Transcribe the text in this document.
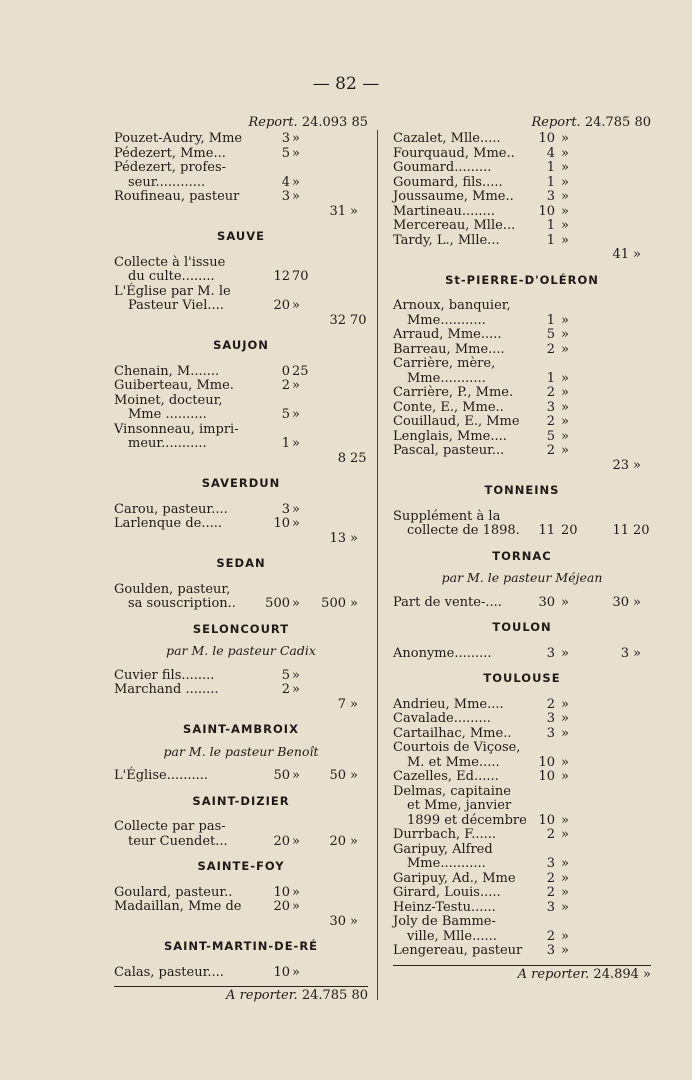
— 82 —
Report. 24.093 85
Pouzet-Audry, Mme	3 »
Pédezert, Mme...	5 »
Pédezert, profes-
seur............	4 »
Roufineau, pasteur	3 »
31 »
SAUVE
Collecte à l'issue
du culte........	12 70
L'Église par M. le
Pasteur Viel....	20 »
32 70
SAUJON
Chenain, M.......	0 25
Guiberteau, Mme.	2 »
Moinet, docteur,
Mme ..........	5 »
Vinsonneau, impri-
meur...........	1 »
8 25
SAVERDUN
Carou, pasteur....	3 »
Larlenque de.....	10 »
13 »
SEDAN
Goulden, pasteur,
sa souscription..	500 »	500 »
SELONCOURT
par M. le pasteur Cadix
Cuvier fils........	5 »
Marchand ........	2 »
7 »
SAINT-AMBROIX
par M. le pasteur Benoît
L'Église..........	50 »	50 »
SAINT-DIZIER
Collecte par pas-
teur Cuendet...	20 »	20 »
SAINTE-FOY
Goulard, pasteur..	10 »
Madaillan, Mme de	20 »
30 »
SAINT-MARTIN-DE-RÉ
Calas, pasteur....	10 »
A reporter. 24.785 80
Report. 24.785 80
Cazalet, Mlle.....	10 »
Fourquaud, Mme..	4 »
Goumard.........	1 »
Goumard, fils.....	1 »
Joussaume, Mme..	3 »
Martineau........	10 »
Mercereau, Mlle...	1 »
Tardy, L., Mlle...	1 »
41 »
St-PIERRE-D'OLÉRON
Arnoux, banquier,
Mme...........	1 »
Arraud, Mme.....	5 »
Barreau, Mme....	2 »
Carrière, mère,
Mme...........	1 »
Carrière, P., Mme.	2 »
Conte, E., Mme..	3 »
Couillaud, E., Mme	2 »
Lenglais, Mme....	5 »
Pascal, pasteur...	2 »
23 »
TONNEINS
Supplément à la
collecte de 1898.	11 20	11 20
TORNAC
par M. le pasteur Méjean
Part de vente-....	30 »	30 »
TOULON
Anonyme.........	3 »	3 »
TOULOUSE
Andrieu, Mme....	2 »
Cavalade.........	3 »
Cartailhac, Mme..	3 »
Courtois de Viçose,
M. et Mme.....	10 »
Cazelles, Ed......	10 »
Delmas, capitaine
et Mme, janvier
1899 et décembre 10 »
Durrbach, F......	2 »
Garipuy, Alfred
Mme...........	3 »
Garipuy, Ad., Mme	2 »
Girard, Louis.....	2 »
Heinz-Testu......	3 »
Joly de Bamme-
ville, Mlle......	2 »
Lengereau, pasteur	3 »
A reporter. 24.894 »
